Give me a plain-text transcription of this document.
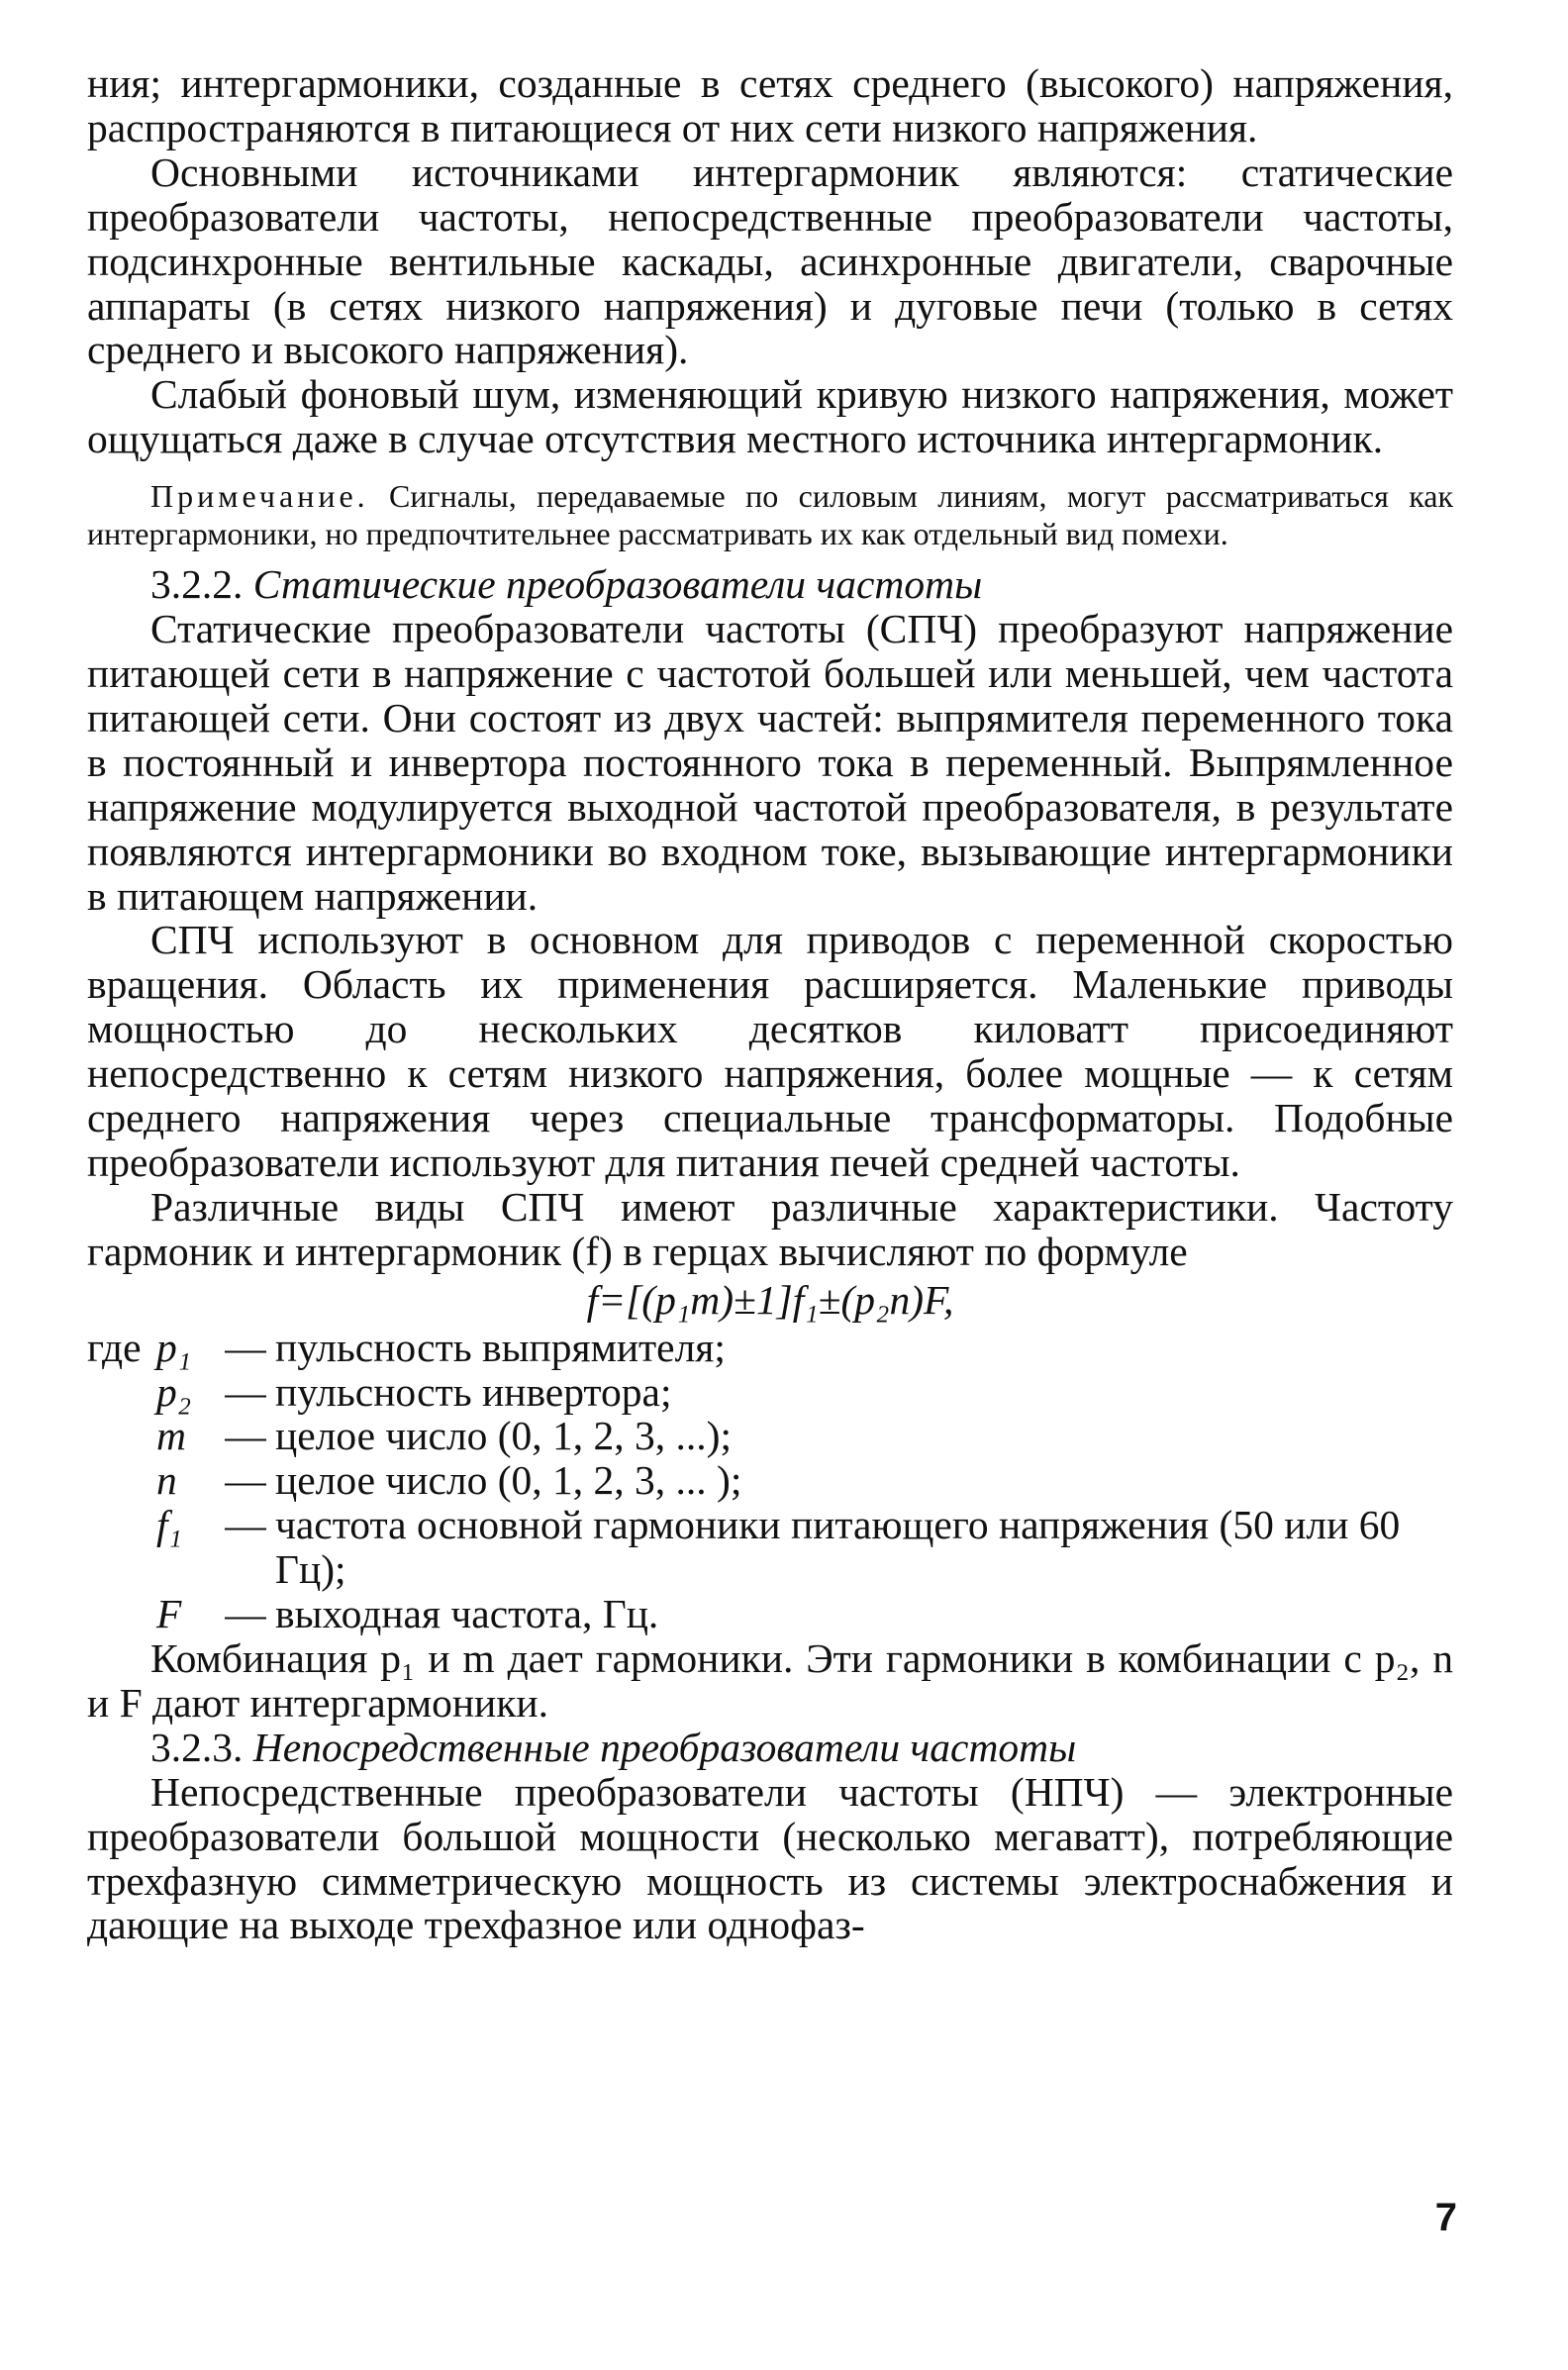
ния; интергармоники, созданные в сетях среднего (высокого) напряжения, распространяются в питающиеся от них сети низкого напряжения.

Основными источниками интергармоник являются: статические преобразователи частоты, непосредственные преобразователи частоты, подсинхронные вентильные каскады, асинхронные двигатели, сварочные аппараты (в сетях низкого напряжения) и дуговые печи (только в сетях среднего и высокого напряжения).

Слабый фоновый шум, изменяющий кривую низкого напряжения, может ощущаться даже в случае отсутствия местного источника интергармоник.

Примечание. Сигналы, передаваемые по силовым линиям, могут рассматриваться как интергармоники, но предпочтительнее рассматривать их как отдельный вид помехи.

3.2.2. Статические преобразователи частоты

Статические преобразователи частоты (СПЧ) преобразуют напряжение питающей сети в напряжение с частотой большей или меньшей, чем частота питающей сети. Они состоят из двух частей: выпрямителя переменного тока в постоянный и инвертора постоянного тока в переменный. Выпрямленное напряжение модулируется выходной частотой преобразователя, в результате появляются интергармоники во входном токе, вызывающие интергармоники в питающем напряжении.

СПЧ используют в основном для приводов с переменной скоростью вращения. Область их применения расширяется. Маленькие приводы мощностью до нескольких десятков киловатт присоединяют непосредственно к сетям низкого напряжения, более мощные — к сетям среднего напряжения через специальные трансформаторы. Подобные преобразователи используют для питания печей средней частоты.

Различные виды СПЧ имеют различные характеристики. Частоту гармоник и интергармоник (f) в герцах вычисляют по формуле

f=[(p₁m)±1]f₁±(p₂n)F,
где p₁ — пульсность выпрямителя;
p₂ — пульсность инвертора;
m — целое число (0, 1, 2, 3, ...);
n	— целое число (0, 1, 2, 3, ... );
f₁	— частота основной гармоники питающего напряжения (50 или 60 Гц);
F	— выходная частота, Гц.

Комбинация p₁ и m дает гармоники. Эти гармоники в комбинации с p₂, n и F дают интергармоники.

3.2.3. Непосредственные преобразователи частоты

Непосредственные преобразователи частоты (НПЧ) — электронные преобразователи большой мощности (несколько мегаватт), потребляющие трехфазную симметрическую мощность из системы электроснабжения и дающие на выходе трехфазное или однофаз-

7
